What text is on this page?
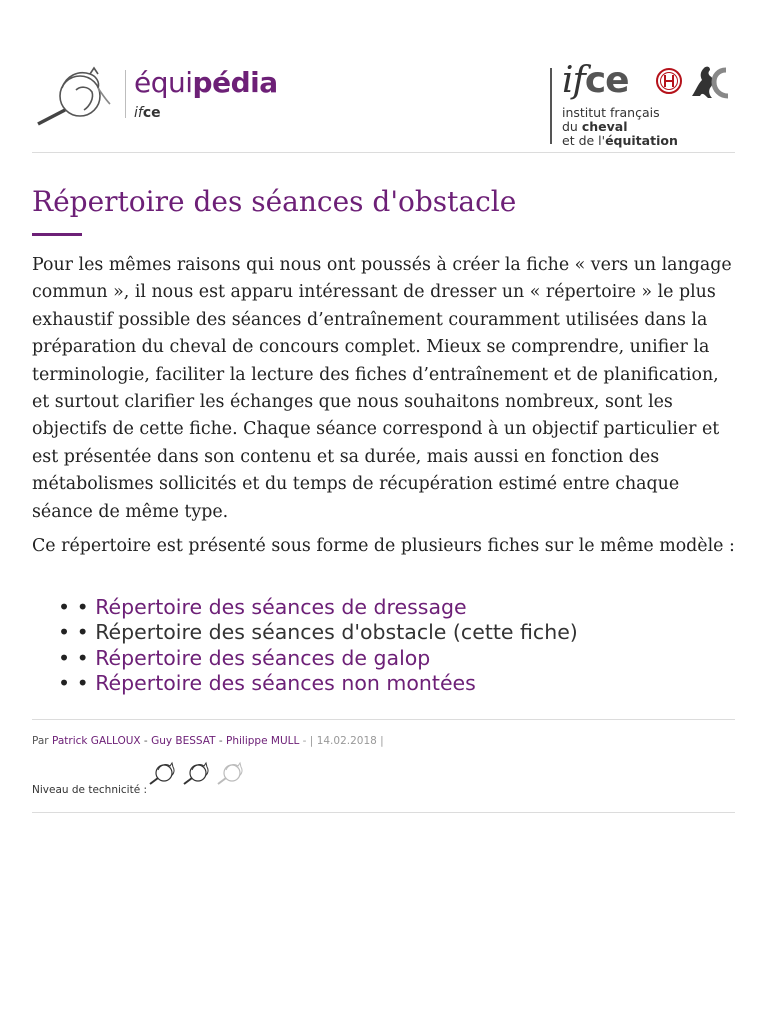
équipédia
ifce
ifce
institut français
du cheval
et de l'équitation
Répertoire des séances d'obstacle

Pour les mêmes raisons qui nous ont poussés à créer la fiche « vers un langage commun », il nous est apparu intéressant de dresser un « répertoire » le plus exhaustif possible des séances d’entraînement couramment utilisées dans la préparation du cheval de concours complet. Mieux se comprendre, unifier la terminologie, faciliter la lecture des fiches d’entraînement et de planification, et surtout clarifier les échanges que nous souhaitons nombreux, sont les objectifs de cette fiche. Chaque séance correspond à un objectif particulier et est présentée dans son contenu et sa durée, mais aussi en fonction des métabolismes sollicités et du temps de récupération estimé entre chaque séance de même type.

Ce répertoire est présenté sous forme de plusieurs fiches sur le même modèle :

• • Répertoire des séances de dressage
• • Répertoire des séances d'obstacle (cette fiche)
• • Répertoire des séances de galop
• • Répertoire des séances non montées
Par Patrick GALLOUX - Guy BESSAT - Philippe MULL - | 14.02.2018 |
Niveau de technicité :
